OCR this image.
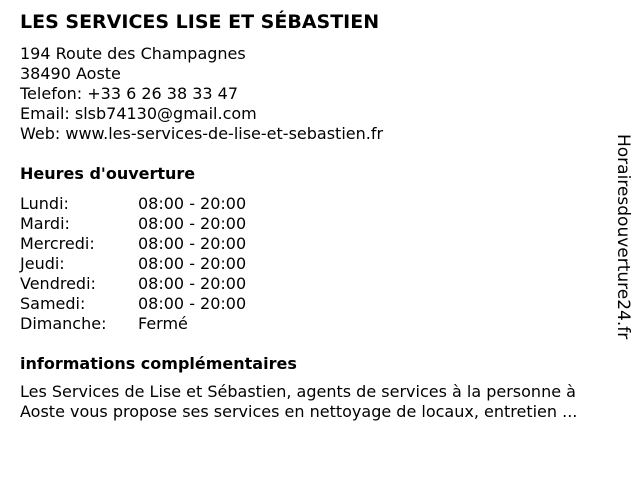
LES SERVICES LISE ET SÉBASTIEN
194 Route des Champagnes
38490 Aoste
Telefon: +33 6 26 38 33 47
Email: slsb74130@gmail.com
Web: www.les-services-de-lise-et-sebastien.fr
Heures d'ouverture
Lundi:	08:00 - 20:00
Mardi:	08:00 - 20:00
Mercredi:	08:00 - 20:00
Jeudi:	08:00 - 20:00
Vendredi:	08:00 - 20:00
Samedi:	08:00 - 20:00
Dimanche: Fermé
informations complémentaires
Les Services de Lise et Sébastien, agents de services à la personne à
Aoste vous propose ses services en nettoyage de locaux, entretien ...
Horairesdouverture24.fr
